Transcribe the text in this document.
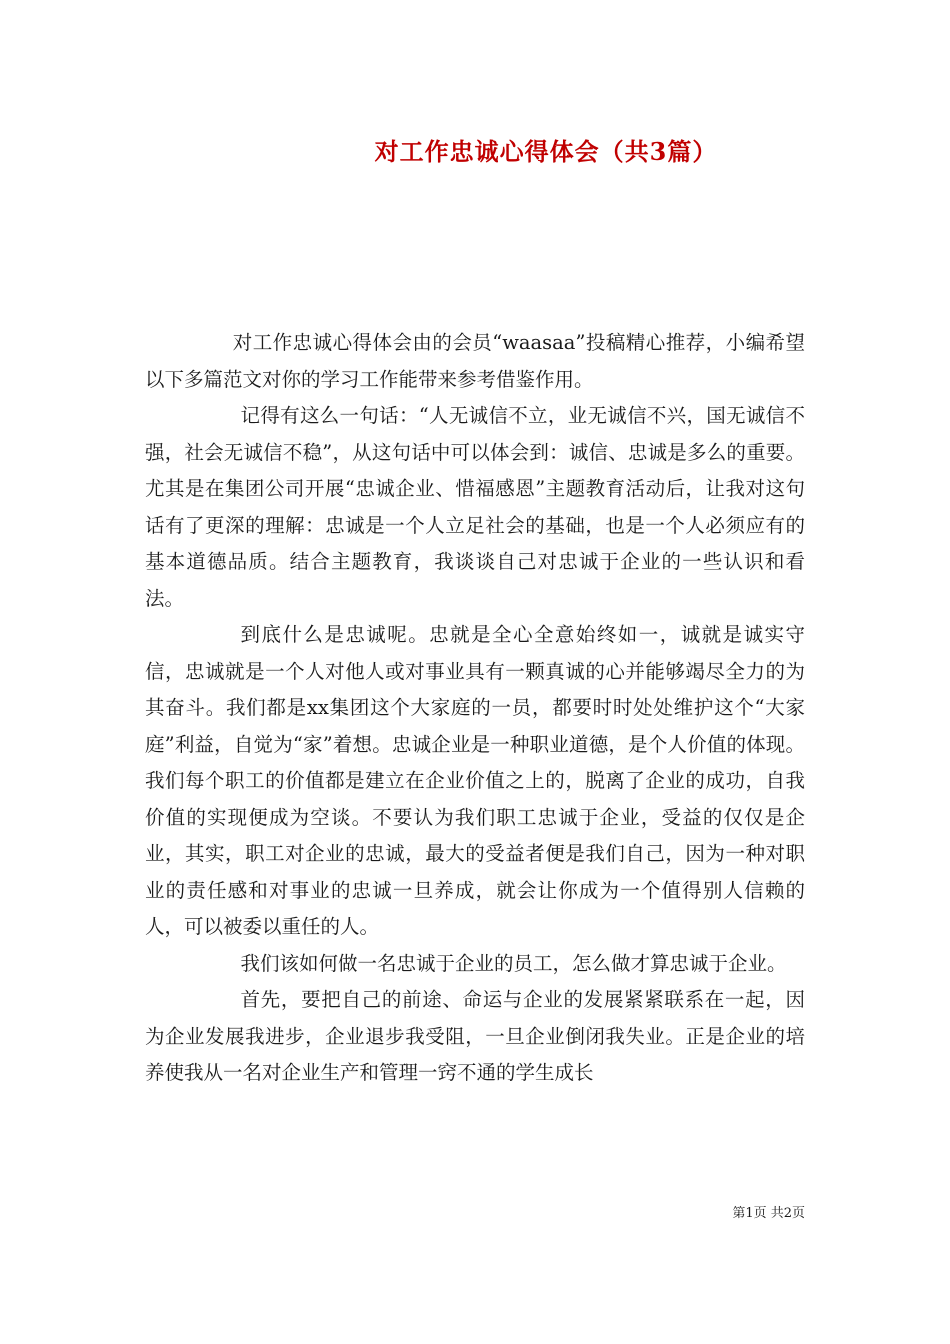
对工作忠诚心得体会（共3篇）

对工作忠诚心得体会由的会员“waasaa”投稿精心推荐，小编希望以下多篇范文对你的学习工作能带来参考借鉴作用。

记得有这么一句话：“人无诚信不立，业无诚信不兴，国无诚信不强，社会无诚信不稳”，从这句话中可以体会到：诚信、忠诚是多么的重要。尤其是在集团公司开展“忠诚企业、惜福感恩”主题教育活动后，让我对这句话有了更深的理解：忠诚是一个人立足社会的基础，也是一个人必须应有的基本道德品质。结合主题教育，我谈谈自己对忠诚于企业的一些认识和看法。

到底什么是忠诚呢。忠就是全心全意始终如一，诚就是诚实守信，忠诚就是一个人对他人或对事业具有一颗真诚的心并能够竭尽全力的为其奋斗。我们都是xx集团这个大家庭的一员，都要时时处处维护这个“大家庭”利益，自觉为“家”着想。忠诚企业是一种职业道德，是个人价值的体现。我们每个职工的价值都是建立在企业价值之上的，脱离了企业的成功，自我价值的实现便成为空谈。不要认为我们职工忠诚于企业，受益的仅仅是企业，其实，职工对企业的忠诚，最大的受益者便是我们自己，因为一种对职业的责任感和对事业的忠诚一旦养成，就会让你成为一个值得别人信赖的人，可以被委以重任的人。

我们该如何做一名忠诚于企业的员工，怎么做才算忠诚于企业。

首先，要把自己的前途、命运与企业的发展紧紧联系在一起，因为企业发展我进步，企业退步我受阻，一旦企业倒闭我失业。正是企业的培养使我从一名对企业生产和管理一窍不通的学生成长

第1页 共2页
